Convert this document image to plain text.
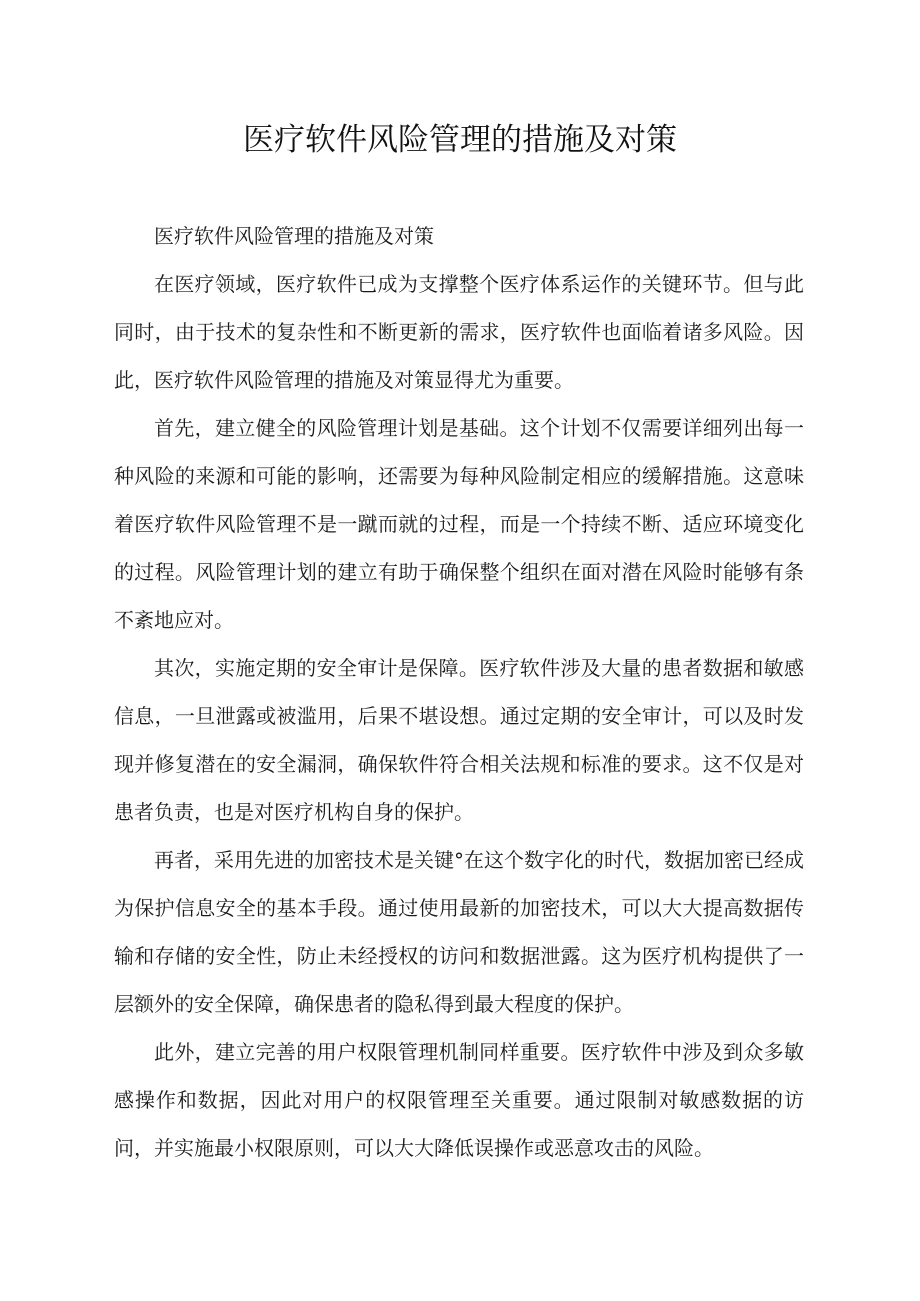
医疗软件风险管理的措施及对策

医疗软件风险管理的措施及对策

在医疗领域，医疗软件已成为支撑整个医疗体系运作的关键环节。但与此同时，由于技术的复杂性和不断更新的需求，医疗软件也面临着诸多风险。因此，医疗软件风险管理的措施及对策显得尤为重要。

首先，建立健全的风险管理计划是基础。这个计划不仅需要详细列出每一种风险的来源和可能的影响，还需要为每种风险制定相应的缓解措施。这意味着医疗软件风险管理不是一蹴而就的过程，而是一个持续不断、适应环境变化的过程。风险管理计划的建立有助于确保整个组织在面对潜在风险时能够有条不紊地应对。

其次，实施定期的安全审计是保障。医疗软件涉及大量的患者数据和敏感信息，一旦泄露或被滥用，后果不堪设想。通过定期的安全审计，可以及时发现并修复潜在的安全漏洞，确保软件符合相关法规和标准的要求。这不仅是对患者负责，也是对医疗机构自身的保护。

再者，采用先进的加密技术是关键°在这个数字化的时代，数据加密已经成为保护信息安全的基本手段。通过使用最新的加密技术，可以大大提高数据传输和存储的安全性，防止未经授权的访问和数据泄露。这为医疗机构提供了一层额外的安全保障，确保患者的隐私得到最大程度的保护。

此外，建立完善的用户权限管理机制同样重要。医疗软件中涉及到众多敏感操作和数据，因此对用户的权限管理至关重要。通过限制对敏感数据的访问，并实施最小权限原则，可以大大降低误操作或恶意攻击的风险。
